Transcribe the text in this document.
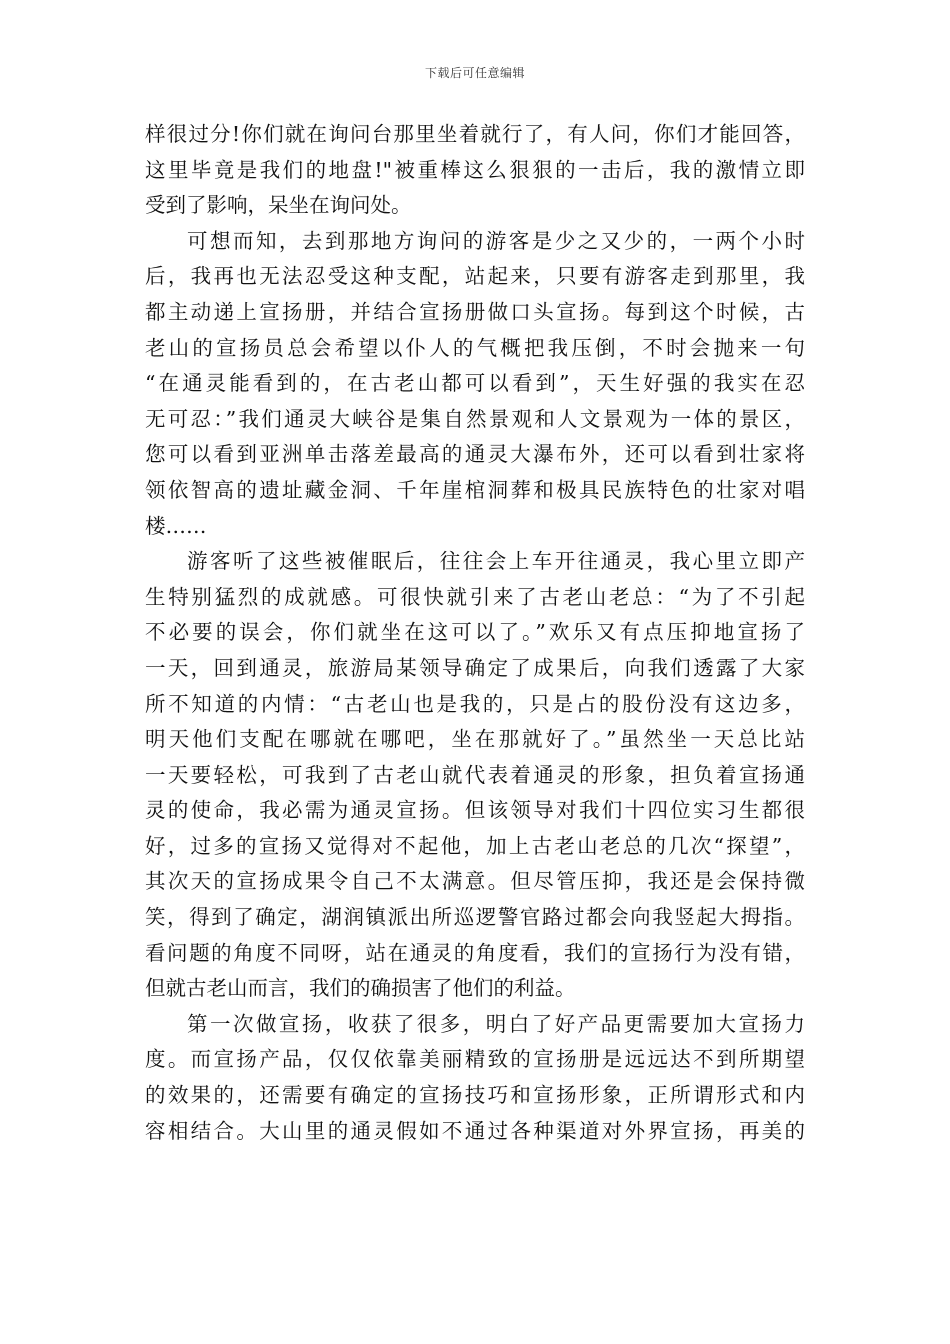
下载后可任意编辑
样很过分!你们就在询问台那里坐着就行了，有人问，你们才能回答，
这里毕竟是我们的地盘!"被重棒这么狠狠的一击后，我的激情立即
受到了影响，呆坐在询问处。
可想而知，去到那地方询问的游客是少之又少的，一两个小时
后，我再也无法忍受这种支配，站起来，只要有游客走到那里，我
都主动递上宣扬册，并结合宣扬册做口头宣扬。每到这个时候，古
老山的宣扬员总会希望以仆人的气概把我压倒，不时会抛来一句
“在通灵能看到的，在古老山都可以看到”，天生好强的我实在忍
无可忍：”我们通灵大峡谷是集自然景观和人文景观为一体的景区，
您可以看到亚洲单击落差最高的通灵大瀑布外，还可以看到壮家将
领依智高的遗址藏金洞、千年崖棺洞葬和极具民族特色的壮家对唱
楼……
游客听了这些被催眠后，往往会上车开往通灵，我心里立即产
生特别猛烈的成就感。可很快就引来了古老山老总：“为了不引起
不必要的误会，你们就坐在这可以了。”欢乐又有点压抑地宣扬了
一天，回到通灵，旅游局某领导确定了成果后，向我们透露了大家
所不知道的内情：“古老山也是我的，只是占的股份没有这边多，
明天他们支配在哪就在哪吧，坐在那就好了。”虽然坐一天总比站
一天要轻松，可我到了古老山就代表着通灵的形象，担负着宣扬通
灵的使命，我必需为通灵宣扬。但该领导对我们十四位实习生都很
好，过多的宣扬又觉得对不起他，加上古老山老总的几次“探望”，
其次天的宣扬成果令自己不太满意。但尽管压抑，我还是会保持微
笑，得到了确定，湖润镇派出所巡逻警官路过都会向我竖起大拇指。
看问题的角度不同呀，站在通灵的角度看，我们的宣扬行为没有错，
但就古老山而言，我们的确损害了他们的利益。
第一次做宣扬，收获了很多，明白了好产品更需要加大宣扬力
度。而宣扬产品，仅仅依靠美丽精致的宣扬册是远远达不到所期望
的效果的，还需要有确定的宣扬技巧和宣扬形象，正所谓形式和内
容相结合。大山里的通灵假如不通过各种渠道对外界宣扬，再美的
